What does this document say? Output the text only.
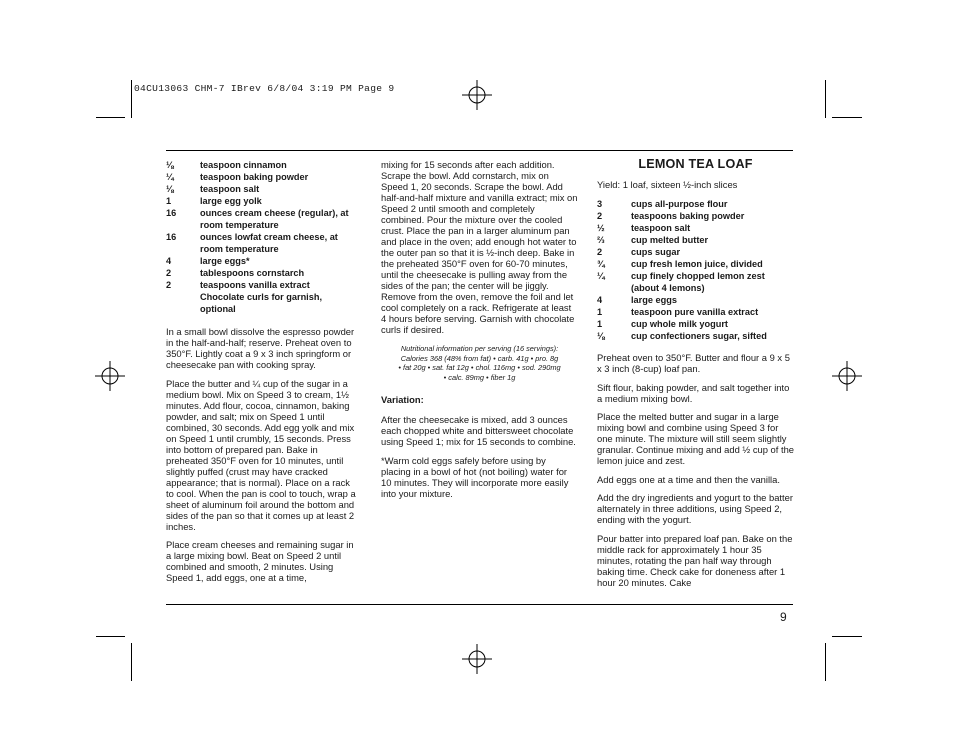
04CU13063 CHM-7 IBrev 6/8/04 3:19 PM Page 9
⅛	teaspoon cinnamon
¼	teaspoon baking powder
⅛	teaspoon salt
1	large egg yolk
16	ounces cream cheese (regular), at room temperature
16	ounces lowfat cream cheese, at room temperature
4	large eggs*
2	tablespoons cornstarch
2	teaspoons vanilla extract
Chocolate curls for garnish, optional

In a small bowl dissolve the espresso powder in the half-and-half; reserve. Preheat oven to 350°F. Lightly coat a 9 x 3 inch springform or cheesecake pan with cooking spray.

Place the butter and ¼ cup of the sugar in a medium bowl. Mix on Speed 3 to cream, 1½ minutes. Add flour, cocoa, cinnamon, baking powder, and salt; mix on Speed 1 until combined, 30 seconds. Add egg yolk and mix on Speed 1 until crumbly, 15 seconds. Press into bottom of prepared pan. Bake in preheated 350°F oven for 10 minutes, until slightly puffed (crust may have cracked appearance; that is normal). Place on a rack to cool. When the pan is cool to touch, wrap a sheet of aluminum foil around the bottom and sides of the pan so that it comes up at least 2 inches.

Place cream cheeses and remaining sugar in a large mixing bowl. Beat on Speed 2 until combined and smooth, 2 minutes. Using Speed 1, add eggs, one at a time,

mixing for 15 seconds after each addition. Scrape the bowl. Add cornstarch, mix on Speed 1, 20 seconds. Scrape the bowl. Add half-and-half mixture and vanilla extract; mix on Speed 2 until smooth and completely combined. Pour the mixture over the cooled crust. Place the pan in a larger aluminum pan and place in the oven; add enough hot water to the outer pan so that it is ½-inch deep. Bake in the preheated 350°F oven for 60-70 minutes, until the cheesecake is pulling away from the sides of the pan; the center will be jiggly. Remove from the oven, remove the foil and let cool completely on a rack. Refrigerate at least 4 hours before serving. Garnish with chocolate curls if desired.

Nutritional information per serving (16 servings):
Calories 368 (48% from fat) • carb. 41g • pro. 8g
• fat 20g • sat. fat 12g • chol. 116mg • sod. 290mg
• calc. 89mg • fiber 1g
Variation:

After the cheesecake is mixed, add 3 ounces each chopped white and bittersweet chocolate using Speed 1; mix for 15 seconds to combine.

*Warm cold eggs safely before using by placing in a bowl of hot (not boiling) water for 10 minutes. They will incorporate more easily into your mixture.

LEMON TEA LOAF

Yield: 1 loaf, sixteen ½-inch slices

3	cups all-purpose flour
2	teaspoons baking powder
½	teaspoon salt
⅔	cup melted butter
2	cups sugar
¾	cup fresh lemon juice, divided
¼	cup finely chopped lemon zest (about 4 lemons)
4	large eggs
1	teaspoon pure vanilla extract
1	cup whole milk yogurt
⅛	cup confectioners sugar, sifted

Preheat oven to 350°F. Butter and flour a 9 x 5 x 3 inch (8-cup) loaf pan.

Sift flour, baking powder, and salt together into a medium mixing bowl.

Place the melted butter and sugar in a large mixing bowl and combine using Speed 3 for one minute. The mixture will still seem slightly granular. Continue mixing and add ½ cup of the lemon juice and zest.

Add eggs one at a time and then the vanilla.

Add the dry ingredients and yogurt to the batter alternately in three additions, using Speed 2, ending with the yogurt.

Pour batter into prepared loaf pan. Bake on the middle rack for approximately 1 hour 35 minutes, rotating the pan half way through baking time. Check cake for doneness after 1 hour 20 minutes. Cake

9
